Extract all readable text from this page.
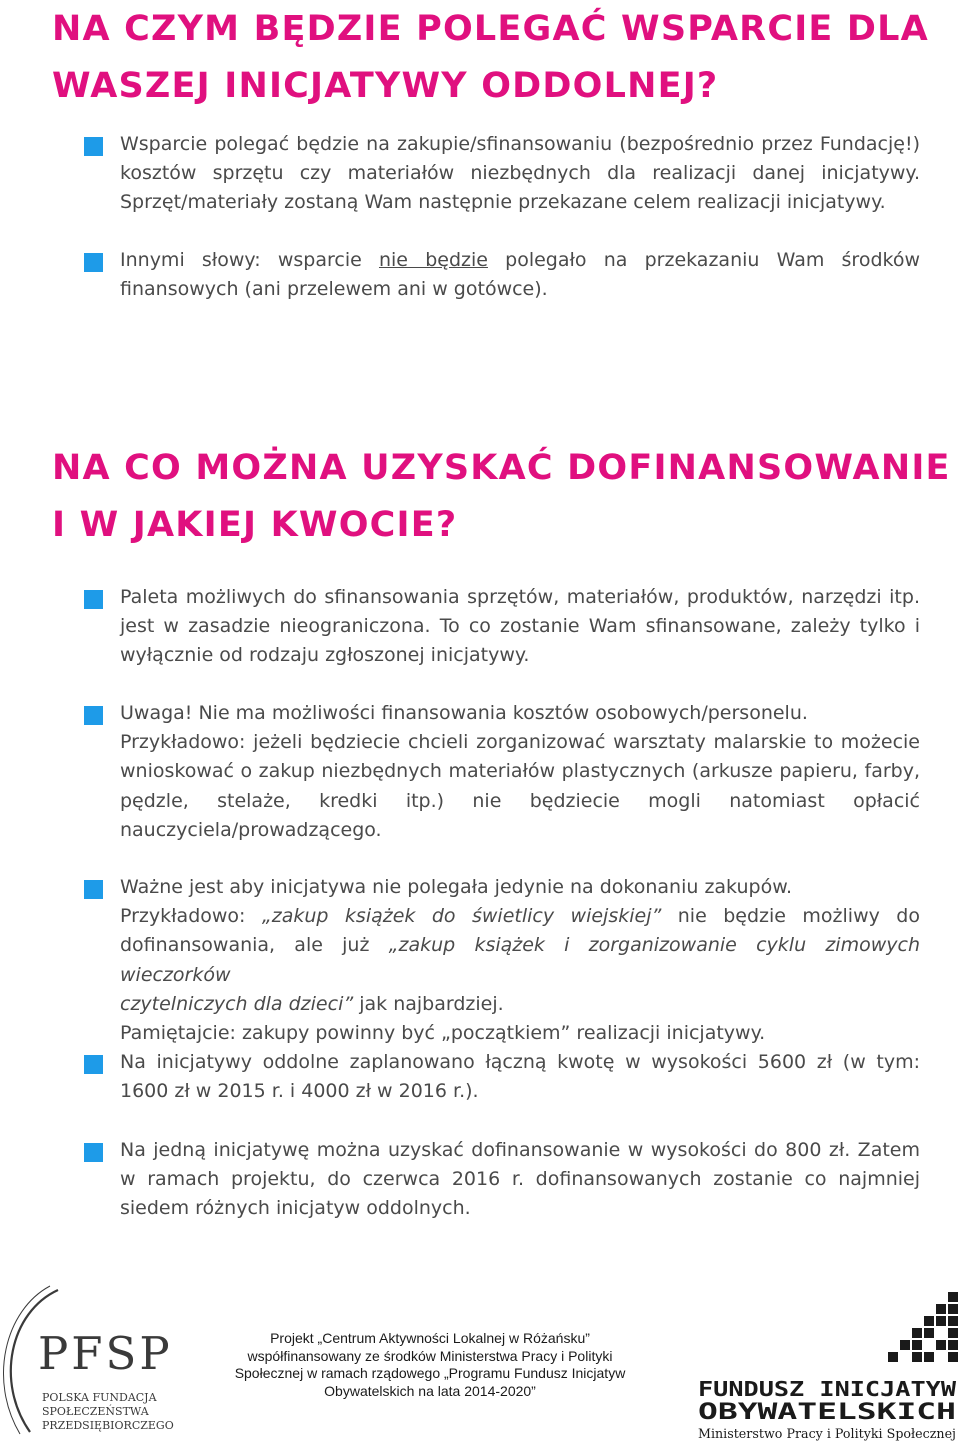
NA CZYM BĘDZIE POLEGAĆ WSPARCIE DLA
WASZEJ INICJATYWY ODDOLNEJ?

Wsparcie polegać będzie na zakupie/sfinansowaniu (bezpośrednio przez Fundację!)
kosztów sprzętu czy materiałów niezbędnych dla realizacji danej inicjatywy.
Sprzęt/materiały zostaną Wam następnie przekazane celem realizacji inicjatywy.

Innymi słowy: wsparcie nie będzie polegało na przekazaniu Wam środków
finansowych (ani przelewem ani w gotówce).

NA CO MOŻNA UZYSKAĆ DOFINANSOWANIE
I W JAKIEJ KWOCIE?

Paleta możliwych do sfinansowania sprzętów, materiałów, produktów, narzędzi itp.
jest w zasadzie nieograniczona. To co zostanie Wam sfinansowane, zależy tylko i
wyłącznie od rodzaju zgłoszonej inicjatywy.

Uwaga! Nie ma możliwości finansowania kosztów osobowych/personelu.
Przykładowo: jeżeli będziecie chcieli zorganizować warsztaty malarskie to możecie
wnioskować o zakup niezbędnych materiałów plastycznych (arkusze papieru, farby,
pędzle, stelaże, kredki itp.) nie będziecie mogli natomiast opłacić
nauczyciela/prowadzącego.

Ważne jest aby inicjatywa nie polegała jedynie na dokonaniu zakupów.
Przykładowo: „zakup książek do świetlicy wiejskiej” nie będzie możliwy do
dofinansowania, ale już „zakup książek i zorganizowanie cyklu zimowych wieczorków
czytelniczych dla dzieci” jak najbardziej.
Pamiętajcie: zakupy powinny być „początkiem” realizacji inicjatywy.

Na inicjatywy oddolne zaplanowano łączną kwotę w wysokości 5600 zł (w tym:
1600 zł w 2015 r. i 4000 zł w 2016 r.).

Na jedną inicjatywę można uzyskać dofinansowanie w wysokości do 800 zł. Zatem
w ramach projektu, do czerwca 2016 r. dofinansowanych zostanie co najmniej
siedem różnych inicjatyw oddolnych.

PFSP
POLSKA FUNDACJA
SPOŁECZEŃSTWA
PRZEDSIĘBIORCZEGO
Projekt „Centrum Aktywności Lokalnej w Różańsku”
współfinansowany ze środków Ministerstwa Pracy i Polityki
Społecznej w ramach rządowego „Programu Fundusz Inicjatyw
Obywatelskich na lata 2014-2020”	FUNDUSZ INICJATYW
OBYWATELSKICH
Ministerstwo Pracy i Polityki Społecznej
